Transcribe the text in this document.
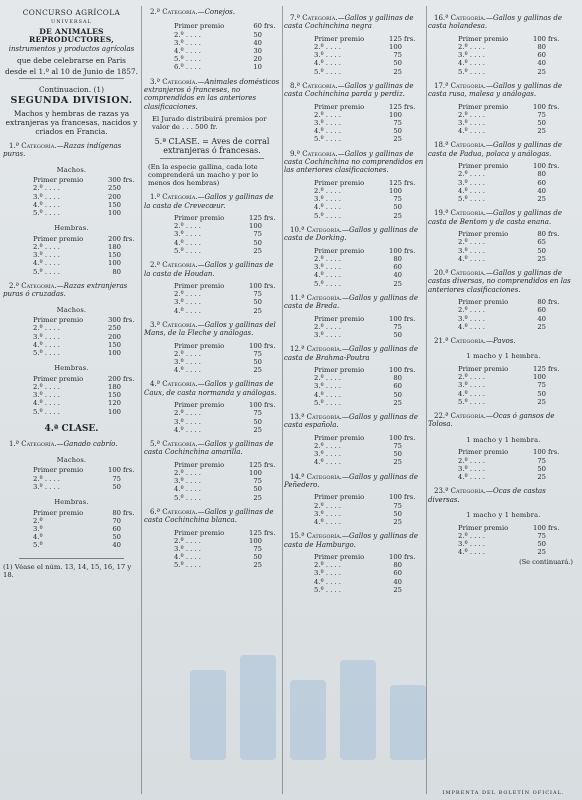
CONCURSO AGRÍCOLA
UNIVERSAL
DE ANIMALES REPRODUCTORES,
instrumentos y productos agrícolas
que debe celebrarse en Paris
desde el 1.º al 10 de Junio de 1857.
Continuacion. (1)
SEGUNDA DIVISION.
Machos y hembras de razas ya extranjeras ya francesas, nacidos y criados en Francia.
1.ª Categoría.—Razas indígenas puras.
Machos.
Primer premio	300	frs.
2.º . . . .	250	
3.º . . . .	200	
4.º . . . .	150	
5.º . . . .	100	
Hembras.
Primer premio	200	frs.
2.º . . . .	180	
3.º . . . .	150	
4.º . . . .	100	
5.º . . . .	80	
2.ª Categoría.—Razas extranjeras puras ó cruzadas.
Machos.
Primer premio	300	frs.
2.º . . . .	250	
3.º . . . .	200	
4.º . . . .	150	
5.º . . . .	100	
Hembras.
Primer premio	200	frs.
2.º . . . .	180	
3.º . . . .	150	
4.º . . . .	120	
5.º . . . .	100	
4.ª CLASE.
1.ª Categoría.—Ganado cabrío.
Machos.
Primer premio	100	frs.
2.º . . . .	75	
3.º . . . .	50	
Hembras.
Primer premio	80	frs.
2.º	70	
3.º	60	
4.º	50	
5.º	40	
(1) Véase el núm. 13, 14, 15, 16, 17 y 18.
2.ª Categoría.—Conejos.
Primer premio	60	frs.
2.º . . . .	50	
3.º . . . .	40	
4.º . . . .	30	
5.º . . . .	20	
6.º . . . .	10	
3.ª Categoría.—Animales domésticos extranjeros ó franceses, no comprendidos en las anteriores clasificaciones.
El Jurado distribuirá premios por valor de . . . 500 fr.
5.ª CLASE. = Aves de corral extranjeras ó francesas.
(En la especie gallina, cada lote comprenderá un macho y por lo menos dos hembras)
1.ª Categoría.—Gallos y gallinas de la casta de Crevecœur.
Primer premio	125	frs.
2.º . . . .	100	
3.º . . . .	75	
4.º . . . .	50	
5.º . . . .	25	
2.ª Categoría.—Gallos y gallinas de la casta de Houdan.
Primer premio	100	frs.
2.º . . . .	75	
3.º . . . .	50	
4.º . . . .	25	
3.ª Categoría.—Gallos y gallinas del Mans, de la Fleche y análogas.
Primer premio	100	frs.
2.º . . . .	75	
3.º . . . .	50	
4.º . . . .	25	
4.ª Categoría.—Gallos y gallinas de Caux, de casta normanda y análogas.
Primer premio	100	frs.
2.º . . . .	75	
3.º . . . .	50	
4.º . . . .	25	
5.ª Categoría.—Gallos y gallinas de casta Cochinchina amarilla.
Primer premio	125	frs.
2.º . . . .	100	
3.º . . . .	75	
4.º . . . .	50	
5.º . . . .	25	
6.ª Categoría.—Gallos y gallinas de casta Cochinchina blanca.
Primer premio	125	frs.
2.º . . . .	100	
3.º . . . .	75	
4.º . . . .	50	
5.º . . . .	25	
7.ª Categoría.—Gallos y gallinas de casta Cochinchina negra
Primer premio	125	frs.
2.º . . . .	100	
3.º . . . .	75	
4.º . . . .	50	
5.º . . . .	25	
8.ª Categoría.—Gallos y gallinas de casta Cochinchina parda y perdiz.
Primer premio	125	frs.
2.º . . . .	100	
3.º . . . .	75	
4.º . . . .	50	
5.º . . . .	25	
9.ª Categoría.—Gallos y gallinas de casta Cochinchina no comprendidos en las anteriores clasificaciones.
Primer premio	125	frs.
2.º . . . .	100	
3.º . . . .	75	
4.º . . . .	50	
5.º . . . .	25	
10.ª Categoría.—Gallos y gallinas de casta de Dorking.
Primer premio	100	frs.
2.º . . . .	80	
3.º . . . .	60	
4.º . . . .	40	
5.º . . . .	25	
11.ª Categoría.—Gallos y gallinas de casta de Breda.
Primer premio	100	frs.
2.º . . . .	75	
3.º . . . .	50	
12.ª Categoría.—Gallos y gallinas de casta de Brahma-Poutra
Primer premio	100	frs.
2.º . . . .	80	
3.º . . . .	60	
4.º . . . .	50	
5.º . . . .	25	
13.ª Categoría.—Gallos y gallinas de casta española.
Primer premio	100	frs.
2.º . . . .	75	
3.º . . . .	50	
4.º . . . .	25	
14.ª Categoría.—Gallos y gallinas de Peñedero.
Primer premio	100	frs.
2.º . . . .	75	
3.º . . . .	50	
4.º . . . .	25	
15.ª Categoría.—Gallos y gallinas de casta de Hamburgo.
Primer premio	100	frs.
2.º . . . .	80	
3.º . . . .	60	
4.º . . . .	40	
5.º . . . .	25	
16.ª Categoría.—Gallos y gallinas de casta holandesa.
Primer premio	100	frs.
2.º . . . .	80	
3.º . . . .	60	
4.º . . . .	40	
5.º . . . .	25	
17.ª Categoría.—Gallos y gallinas de casta rusa, malesa y análogas.
Primer premio	100	frs.
2.º . . . .	75	
3.º . . . .	50	
4.º . . . .	25	
18.ª Categoría.—Gallos y gallinas de casta de Padua, polaca y análogas.
Primer premio	100	frs.
2.º . . . .	80	
3.º . . . .	60	
4.º . . . .	40	
5.º . . . .	25	
19.ª Categoría.—Gallos y gallinas de casta de Bentom y de casta enana.
Primer premio	80	frs.
2.º . . . .	65	
3.º . . . .	50	
4.º . . . .	25	
20.ª Categoría.—Gallos y gallinas de castas diversas, no comprendidos en las anteriores clasificaciones.
Primer premio	80	frs.
2.º . . . .	60	
3.º . . . .	40	
4.º . . . .	25	
21.ª Categoría.—Pavos.
1 macho y 1 hembra.
Primer premio	125	frs.
2.º . . . .	100	
3.º . . . .	75	
4.º . . . .	50	
5.º . . . .	25	
22.ª Categoría.—Ocas ó gansos de Tolosa.
1 macho y 1 hembra.
Primer premio	100	frs.
2.º . . . .	75	
3.º . . . .	50	
4.º . . . .	25	
23.ª Categoría.—Ocas de castas diversas.
1 macho y 1 hembra.
Primer premio	100	frs.
2.º . . . .	75	
3.º . . . .	50	
4.º . . . .	25	
(Se continuará.)
IMPRENTA DEL BOLETÍN OFICIAL.
